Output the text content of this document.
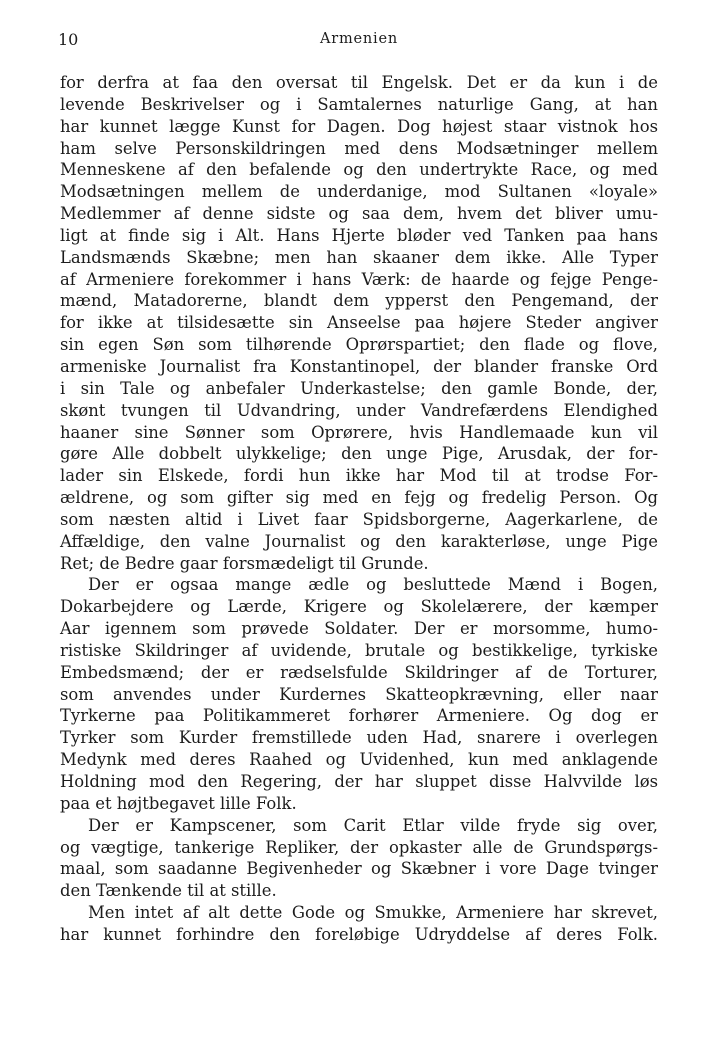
10	Armenien
for derfra at faa den oversat til Engelsk. Det er da kun i de
levende Beskrivelser og i Samtalernes naturlige Gang, at han
har kunnet lægge Kunst for Dagen. Dog højest staar vistnok hos
ham selve Personskildringen med dens Modsætninger mellem
Menneskene af den befalende og den undertrykte Race, og med
Modsætningen mellem de underdanige, mod Sultanen «loyale»
Medlemmer af denne sidste og saa dem, hvem det bliver umu-
ligt at finde sig i Alt. Hans Hjerte bløder ved Tanken paa hans
Landsmænds Skæbne; men han skaaner dem ikke. Alle Typer
af Armeniere forekommer i hans Værk: de haarde og fejge Penge-
mænd, Matadorerne, blandt dem ypperst den Pengemand, der
for ikke at tilsidesætte sin Anseelse paa højere Steder angiver
sin egen Søn som tilhørende Oprørspartiet; den flade og flove,
armeniske Journalist fra Konstantinopel, der blander franske Ord
i sin Tale og anbefaler Underkastelse; den gamle Bonde, der,
skønt tvungen til Udvandring, under Vandrefærdens Elendighed
haaner sine Sønner som Oprørere, hvis Handlemaade kun vil
gøre Alle dobbelt ulykkelige; den unge Pige, Arusdak, der for-
lader sin Elskede, fordi hun ikke har Mod til at trodse For-
ældrene, og som gifter sig med en fejg og fredelig Person. Og
som næsten altid i Livet faar Spidsborgerne, Aagerkarlene, de
Affældige, den valne Journalist og den karakterløse, unge Pige
Ret; de Bedre gaar forsmædeligt til Grunde.
Der er ogsaa mange ædle og besluttede Mænd i Bogen,
Dokarbejdere og Lærde, Krigere og Skolelærere, der kæmper
Aar igennem som prøvede Soldater. Der er morsomme, humo-
ristiske Skildringer af uvidende, brutale og bestikkelige, tyrkiske
Embedsmænd; der er rædselsfulde Skildringer af de Torturer,
som anvendes under Kurdernes Skatteopkrævning, eller naar
Tyrkerne paa Politikammeret forhører Armeniere. Og dog er
Tyrker som Kurder fremstillede uden Had, snarere i overlegen
Medynk med deres Raahed og Uvidenhed, kun med anklagende
Holdning mod den Regering, der har sluppet disse Halvvilde løs
paa et højtbegavet lille Folk.
Der er Kampscener, som Carit Etlar vilde fryde sig over,
og vægtige, tankerige Repliker, der opkaster alle de Grundspørgs-
maal, som saadanne Begivenheder og Skæbner i vore Dage tvinger
den Tænkende til at stille.
Men intet af alt dette Gode og Smukke, Armeniere har skrevet,
har kunnet forhindre den foreløbige Udryddelse af deres Folk.
